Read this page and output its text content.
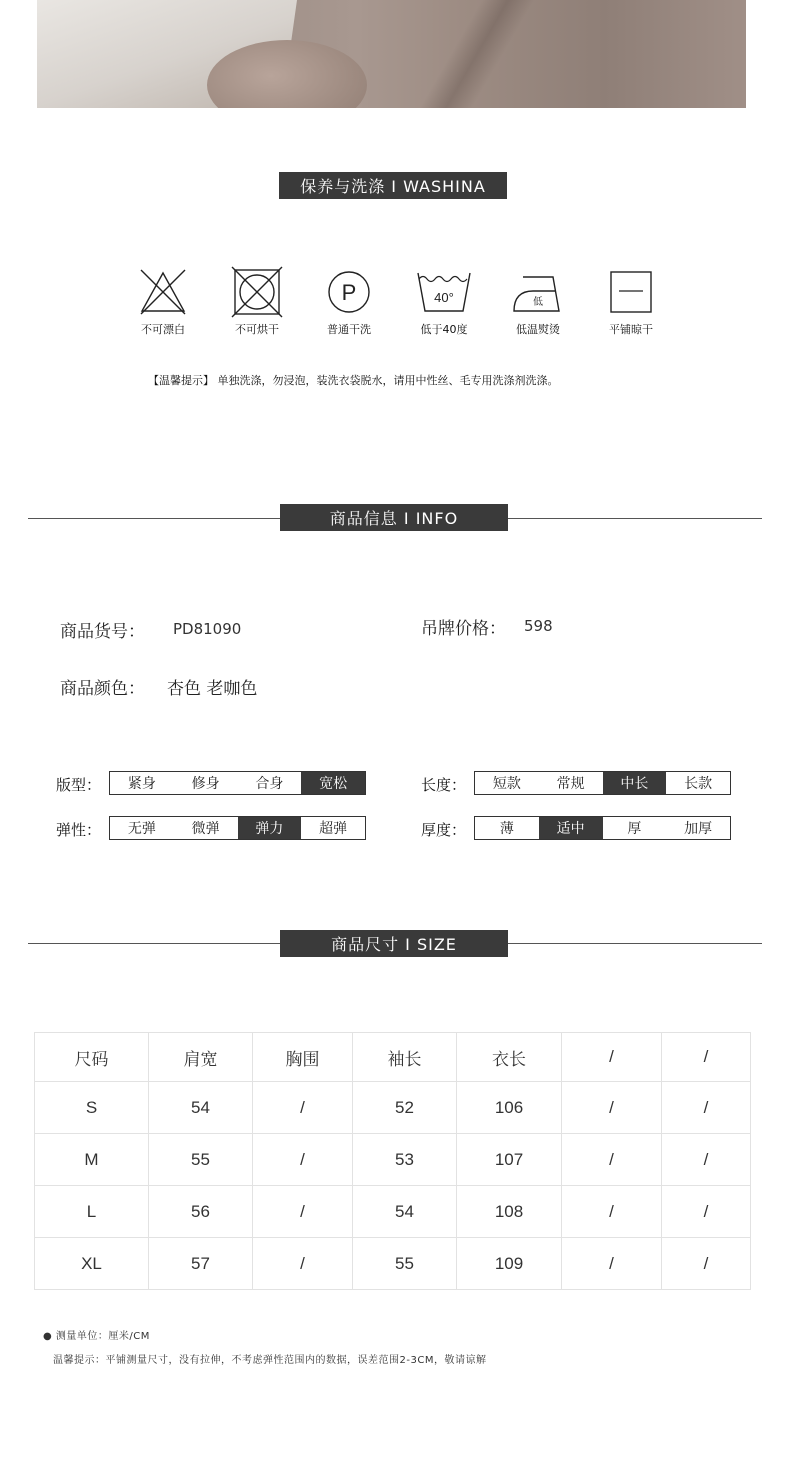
保养与洗涤 I WASHINA
不可漂白	不可烘干
P
普通干洗
40°
低于40度
低
低温熨烫	平铺晾干
【温馨提示】 单独洗涤，勿浸泡，装洗衣袋脱水，请用中性丝、毛专用洗涤剂洗涤。
商品信息 I INFO
商品货号： PD81090	吊牌价格： 598
商品颜色： 杏色 老咖色
版型：	紧身	修身	合身	宽松	长度：	短款	常规	中长	长款
弹性：	无弹	微弹	弹力	超弹	厚度：	薄	适中	厚	加厚
商品尺寸 I SIZE
尺码	肩宽	胸围	袖长	衣长	/	/
S	54	/	52	106	/	/
M	55	/	53	107	/	/
L	56	/	54	108	/	/
XL	57	/	55	109	/	/
● 测量单位：厘米/CM
温馨提示：平铺测量尺寸，没有拉伸，不考虑弹性范围内的数据，误差范围2-3CM，敬请谅解
